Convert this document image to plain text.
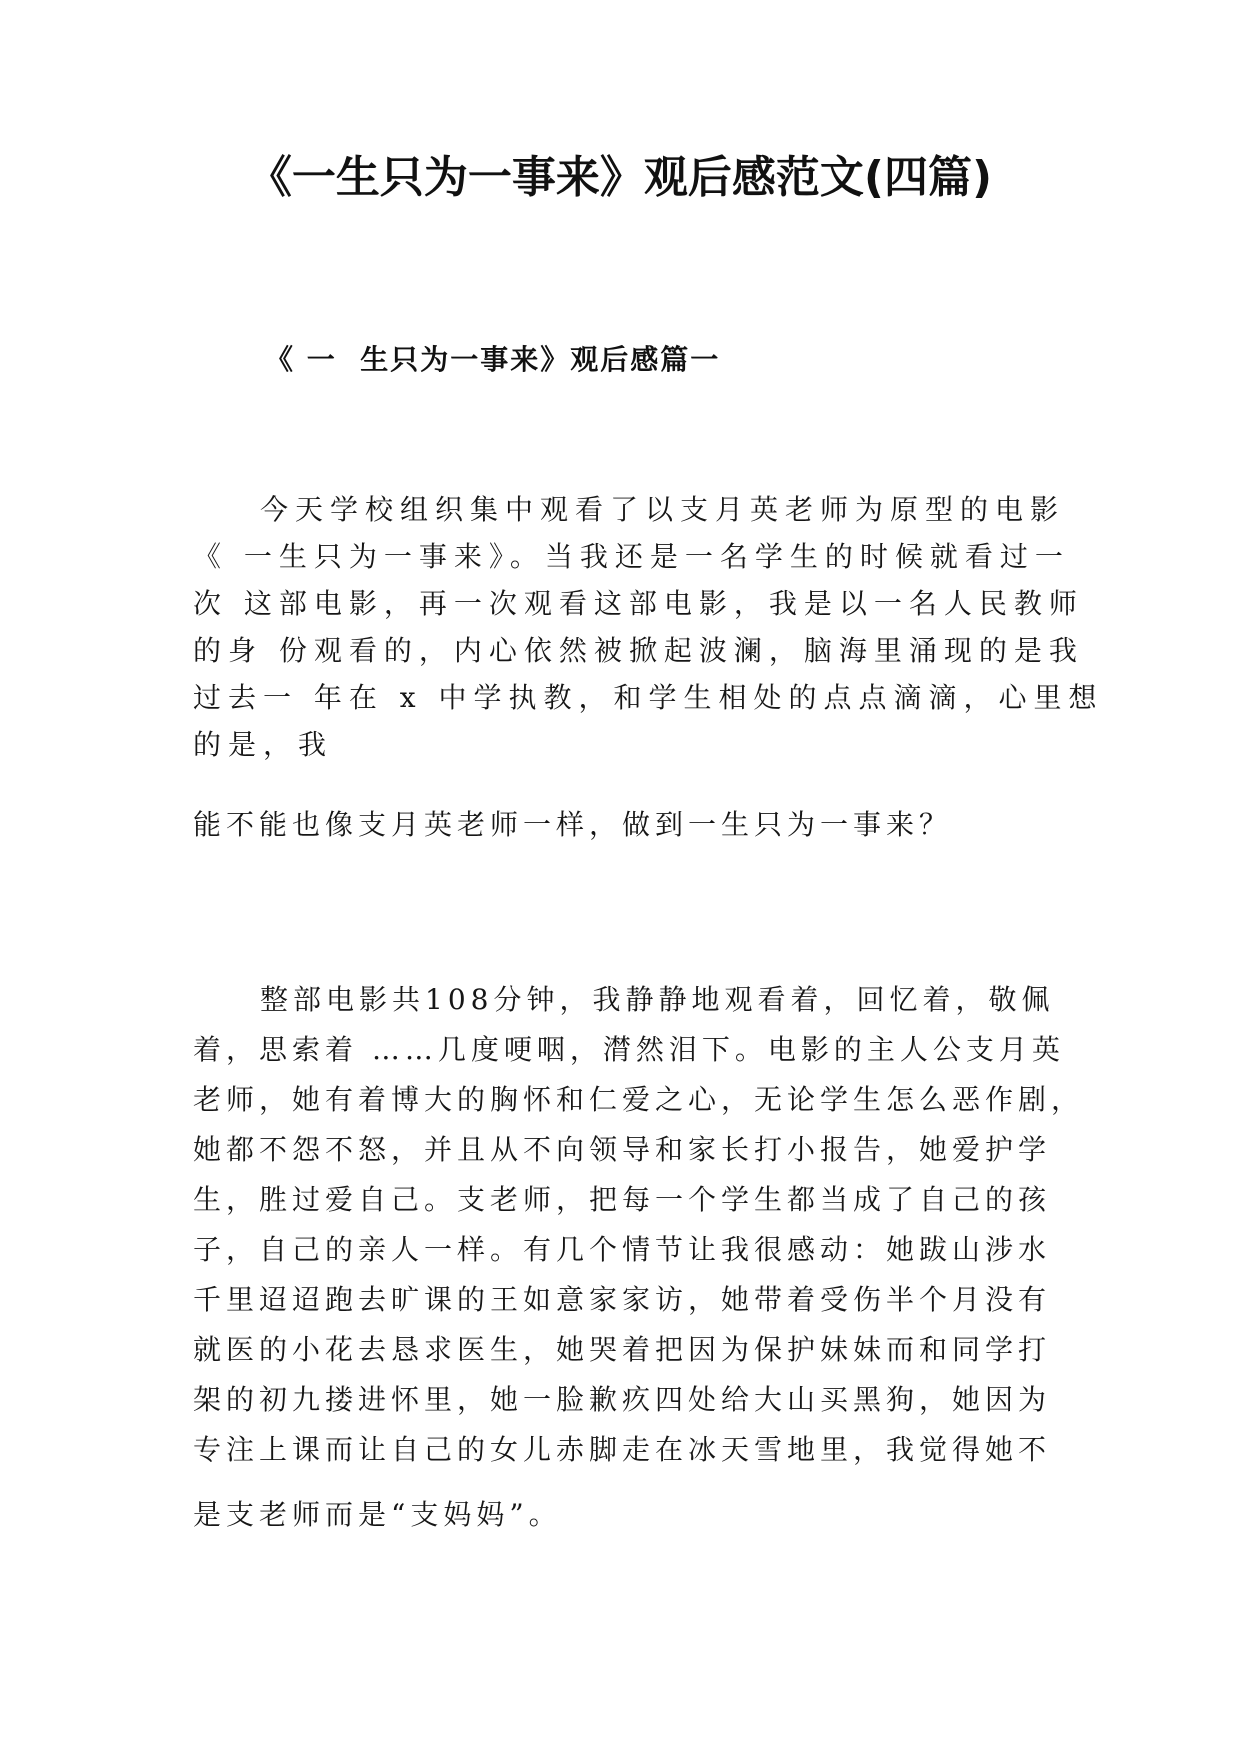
《一生只为一事来》观后感范文(四篇)
《 一  生只为一事来》观后感篇一

今天学校组织集中观看了以支月英老师为原型的电影

《 一生只为一事来》。当我还是一名学生的时候就看过一

次 这部电影，再一次观看这部电影，我是以一名人民教师

的身 份观看的，内心依然被掀起波澜，脑海里涌现的是我

过去一 年在 x 中学执教，和学生相处的点点滴滴，心里想

的是，我

能不能也像支月英老师一样，做到一生只为一事来？

整部电影共108分钟，我静静地观看着，回忆着，敬佩

着，思索着 ……几度哽咽，潸然泪下。电影的主人公支月英

老师，她有着博大的胸怀和仁爱之心，无论学生怎么恶作剧，

她都不怨不怒，并且从不向领导和家长打小报告，她爱护学

生，胜过爱自己。支老师，把每一个学生都当成了自己的孩

子，自己的亲人一样。有几个情节让我很感动：她跋山涉水

千里迢迢跑去旷课的王如意家家访，她带着受伤半个月没有

就医的小花去恳求医生，她哭着把因为保护妹妹而和同学打

架的初九搂进怀里，她一脸歉疚四处给大山买黑狗，她因为

专注上课而让自己的女儿赤脚走在冰天雪地里，我觉得她不

是支老师而是“支妈妈”。
